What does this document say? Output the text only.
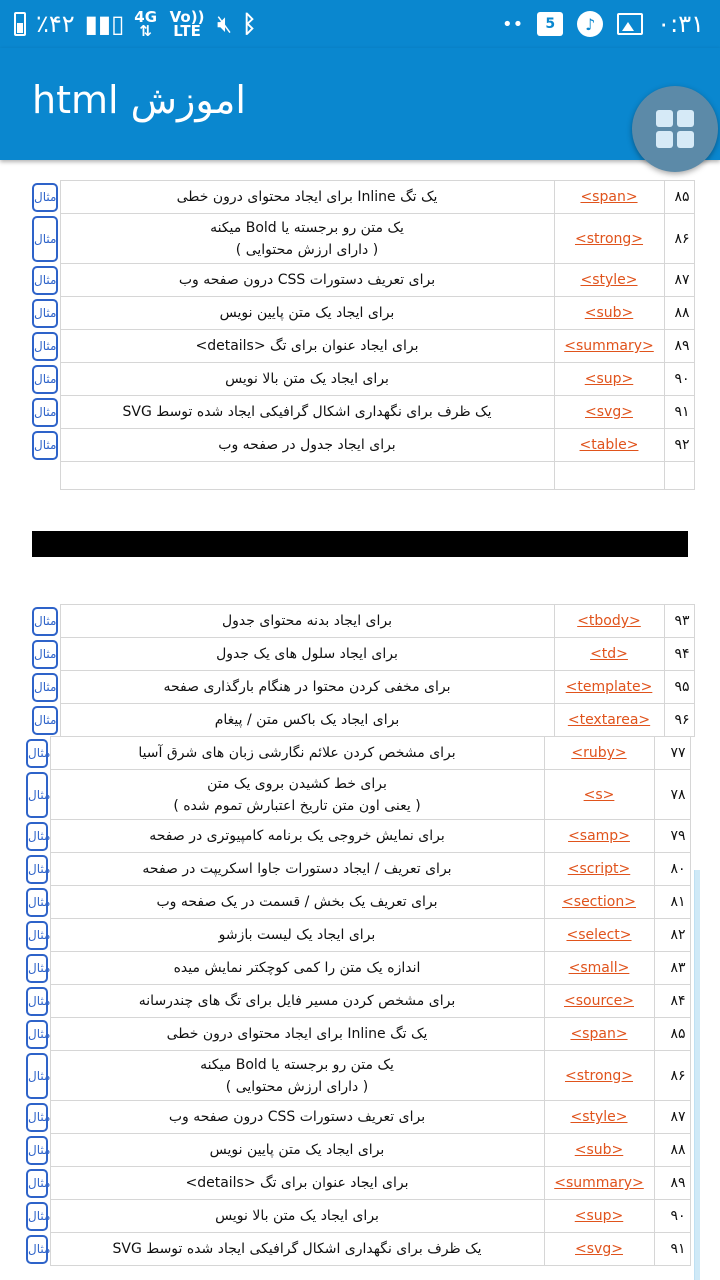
٪۴۲ ▮▮▯ 4G
⇅
Vo)) LTE 🔇︎ ᛒ	••	5	♪	۰:۳۱
اموزش html
مثال	یک تگ Inline برای ایجاد محتوای درون خطی	<span>	۸۵

مثال	یک متن رو برجسته یا Bold میکنه
( دارای ارزش محتوایی )	<strong>	۸۶

مثال	برای تعریف دستورات CSS درون صفحه وب	<style>	۸۷

مثال	برای ایجاد یک متن پایین نویس	<sub>	۸۸

مثال	برای ایجاد عنوان برای تگ <details>	<summary>	۸۹

مثال	برای ایجاد یک متن بالا نویس	<sup>	۹۰

مثال	یک ظرف برای نگهداری اشکال گرافیکی ایجاد شده توسط SVG	<svg>	۹۱

مثال	برای ایجاد جدول در صفحه وب	<table>	۹۲

مثال	برای ایجاد بدنه محتوای جدول	<tbody>	۹۳

مثال	برای ایجاد سلول های یک جدول	<td>	۹۴

مثال	برای مخفی کردن محتوا در هنگام بارگذاری صفحه	<template>	۹۵

مثال	برای ایجاد یک باکس متن / پیغام	<textarea>	۹۶
مثال	برای مشخص کردن علائم نگارشی زبان های شرق آسیا	<ruby>	۷۷

مثال	برای خط کشیدن بروی یک متن
( یعنی اون متن تاریخ اعتبارش تموم شده )	<s>	۷۸

مثال	برای نمایش خروجی یک برنامه کامپیوتری در صفحه	<samp>	۷۹

مثال	برای تعریف / ایجاد دستورات جاوا اسکریپت در صفحه	<script>	۸۰

مثال	برای تعریف یک بخش / قسمت در یک صفحه وب	<section>	۸۱

مثال	برای ایجاد یک لیست بازشو	<select>	۸۲

مثال	اندازه یک متن را کمی کوچکتر نمایش میده	<small>	۸۳

مثال	برای مشخص کردن مسیر فایل برای تگ های چندرسانه	<source>	۸۴

مثال	یک تگ Inline برای ایجاد محتوای درون خطی	<span>	۸۵

مثال	یک متن رو برجسته یا Bold میکنه
( دارای ارزش محتوایی )	<strong>	۸۶

مثال	برای تعریف دستورات CSS درون صفحه وب	<style>	۸۷

مثال	برای ایجاد یک متن پایین نویس	<sub>	۸۸

مثال	برای ایجاد عنوان برای تگ <details>	<summary>	۸۹

مثال	برای ایجاد یک متن بالا نویس	<sup>	۹۰

مثال	یک ظرف برای نگهداری اشکال گرافیکی ایجاد شده توسط SVG	<svg>	۹۱
